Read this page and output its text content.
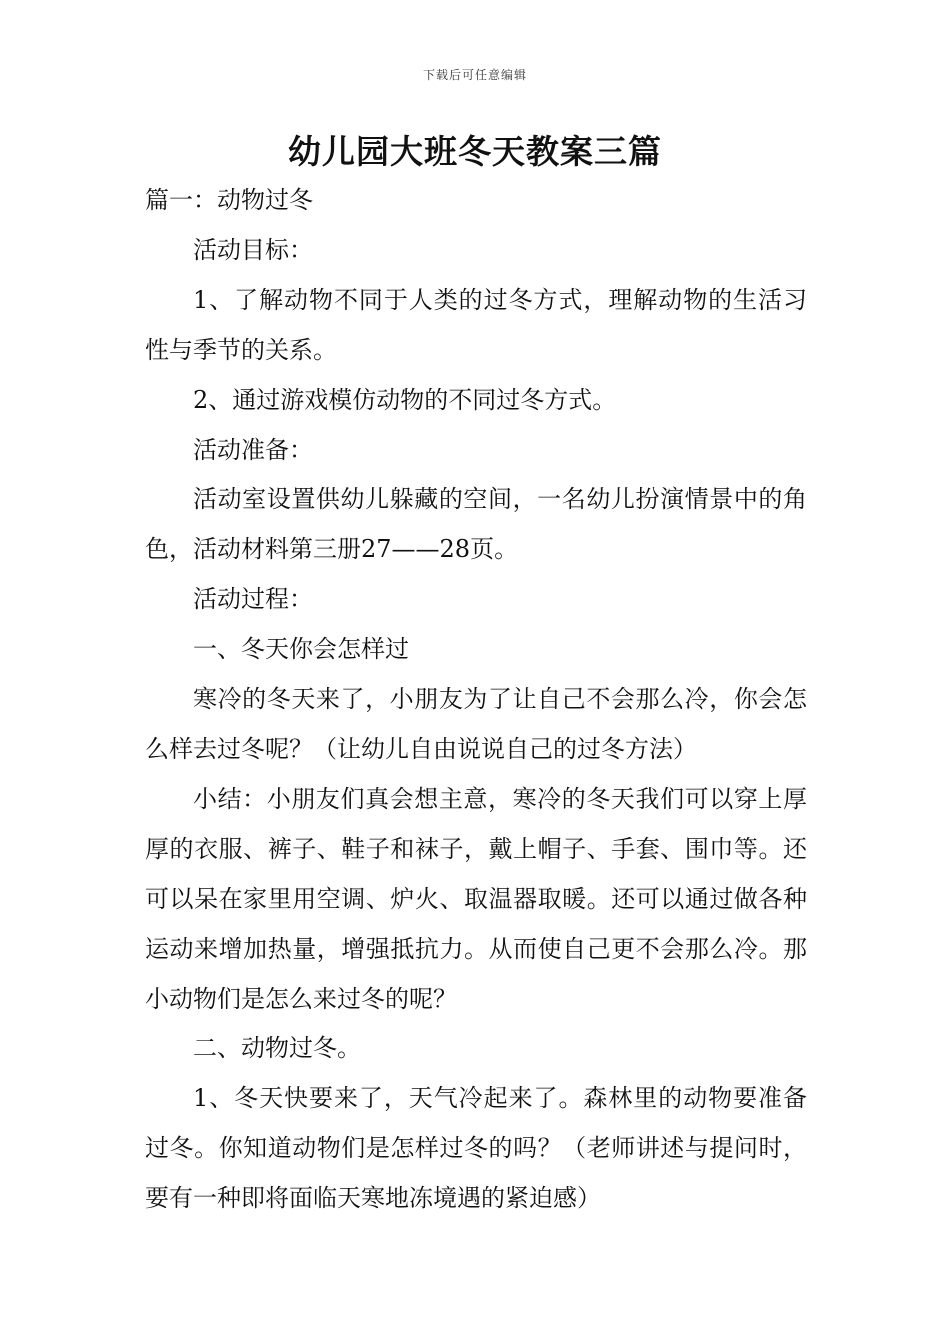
下载后可任意编辑
幼儿园大班冬天教案三篇

篇一：动物过冬

活动目标：

1、了解动物不同于人类的过冬方式，理解动物的生活习性与季节的关系。

2、通过游戏模仿动物的不同过冬方式。

活动准备：

活动室设置供幼儿躲藏的空间，一名幼儿扮演情景中的角色，活动材料第三册27——28页。

活动过程：

一、冬天你会怎样过

寒冷的冬天来了，小朋友为了让自己不会那么冷，你会怎么样去过冬呢？（让幼儿自由说说自己的过冬方法）

小结：小朋友们真会想主意，寒冷的冬天我们可以穿上厚厚的衣服、裤子、鞋子和袜子，戴上帽子、手套、围巾等。还可以呆在家里用空调、炉火、取温器取暖。还可以通过做各种运动来增加热量，增强抵抗力。从而使自己更不会那么冷。那小动物们是怎么来过冬的呢？

二、动物过冬。

1、冬天快要来了，天气冷起来了。森林里的动物要准备过冬。你知道动物们是怎样过冬的吗？（老师讲述与提问时，要有一种即将面临天寒地冻境遇的紧迫感）
